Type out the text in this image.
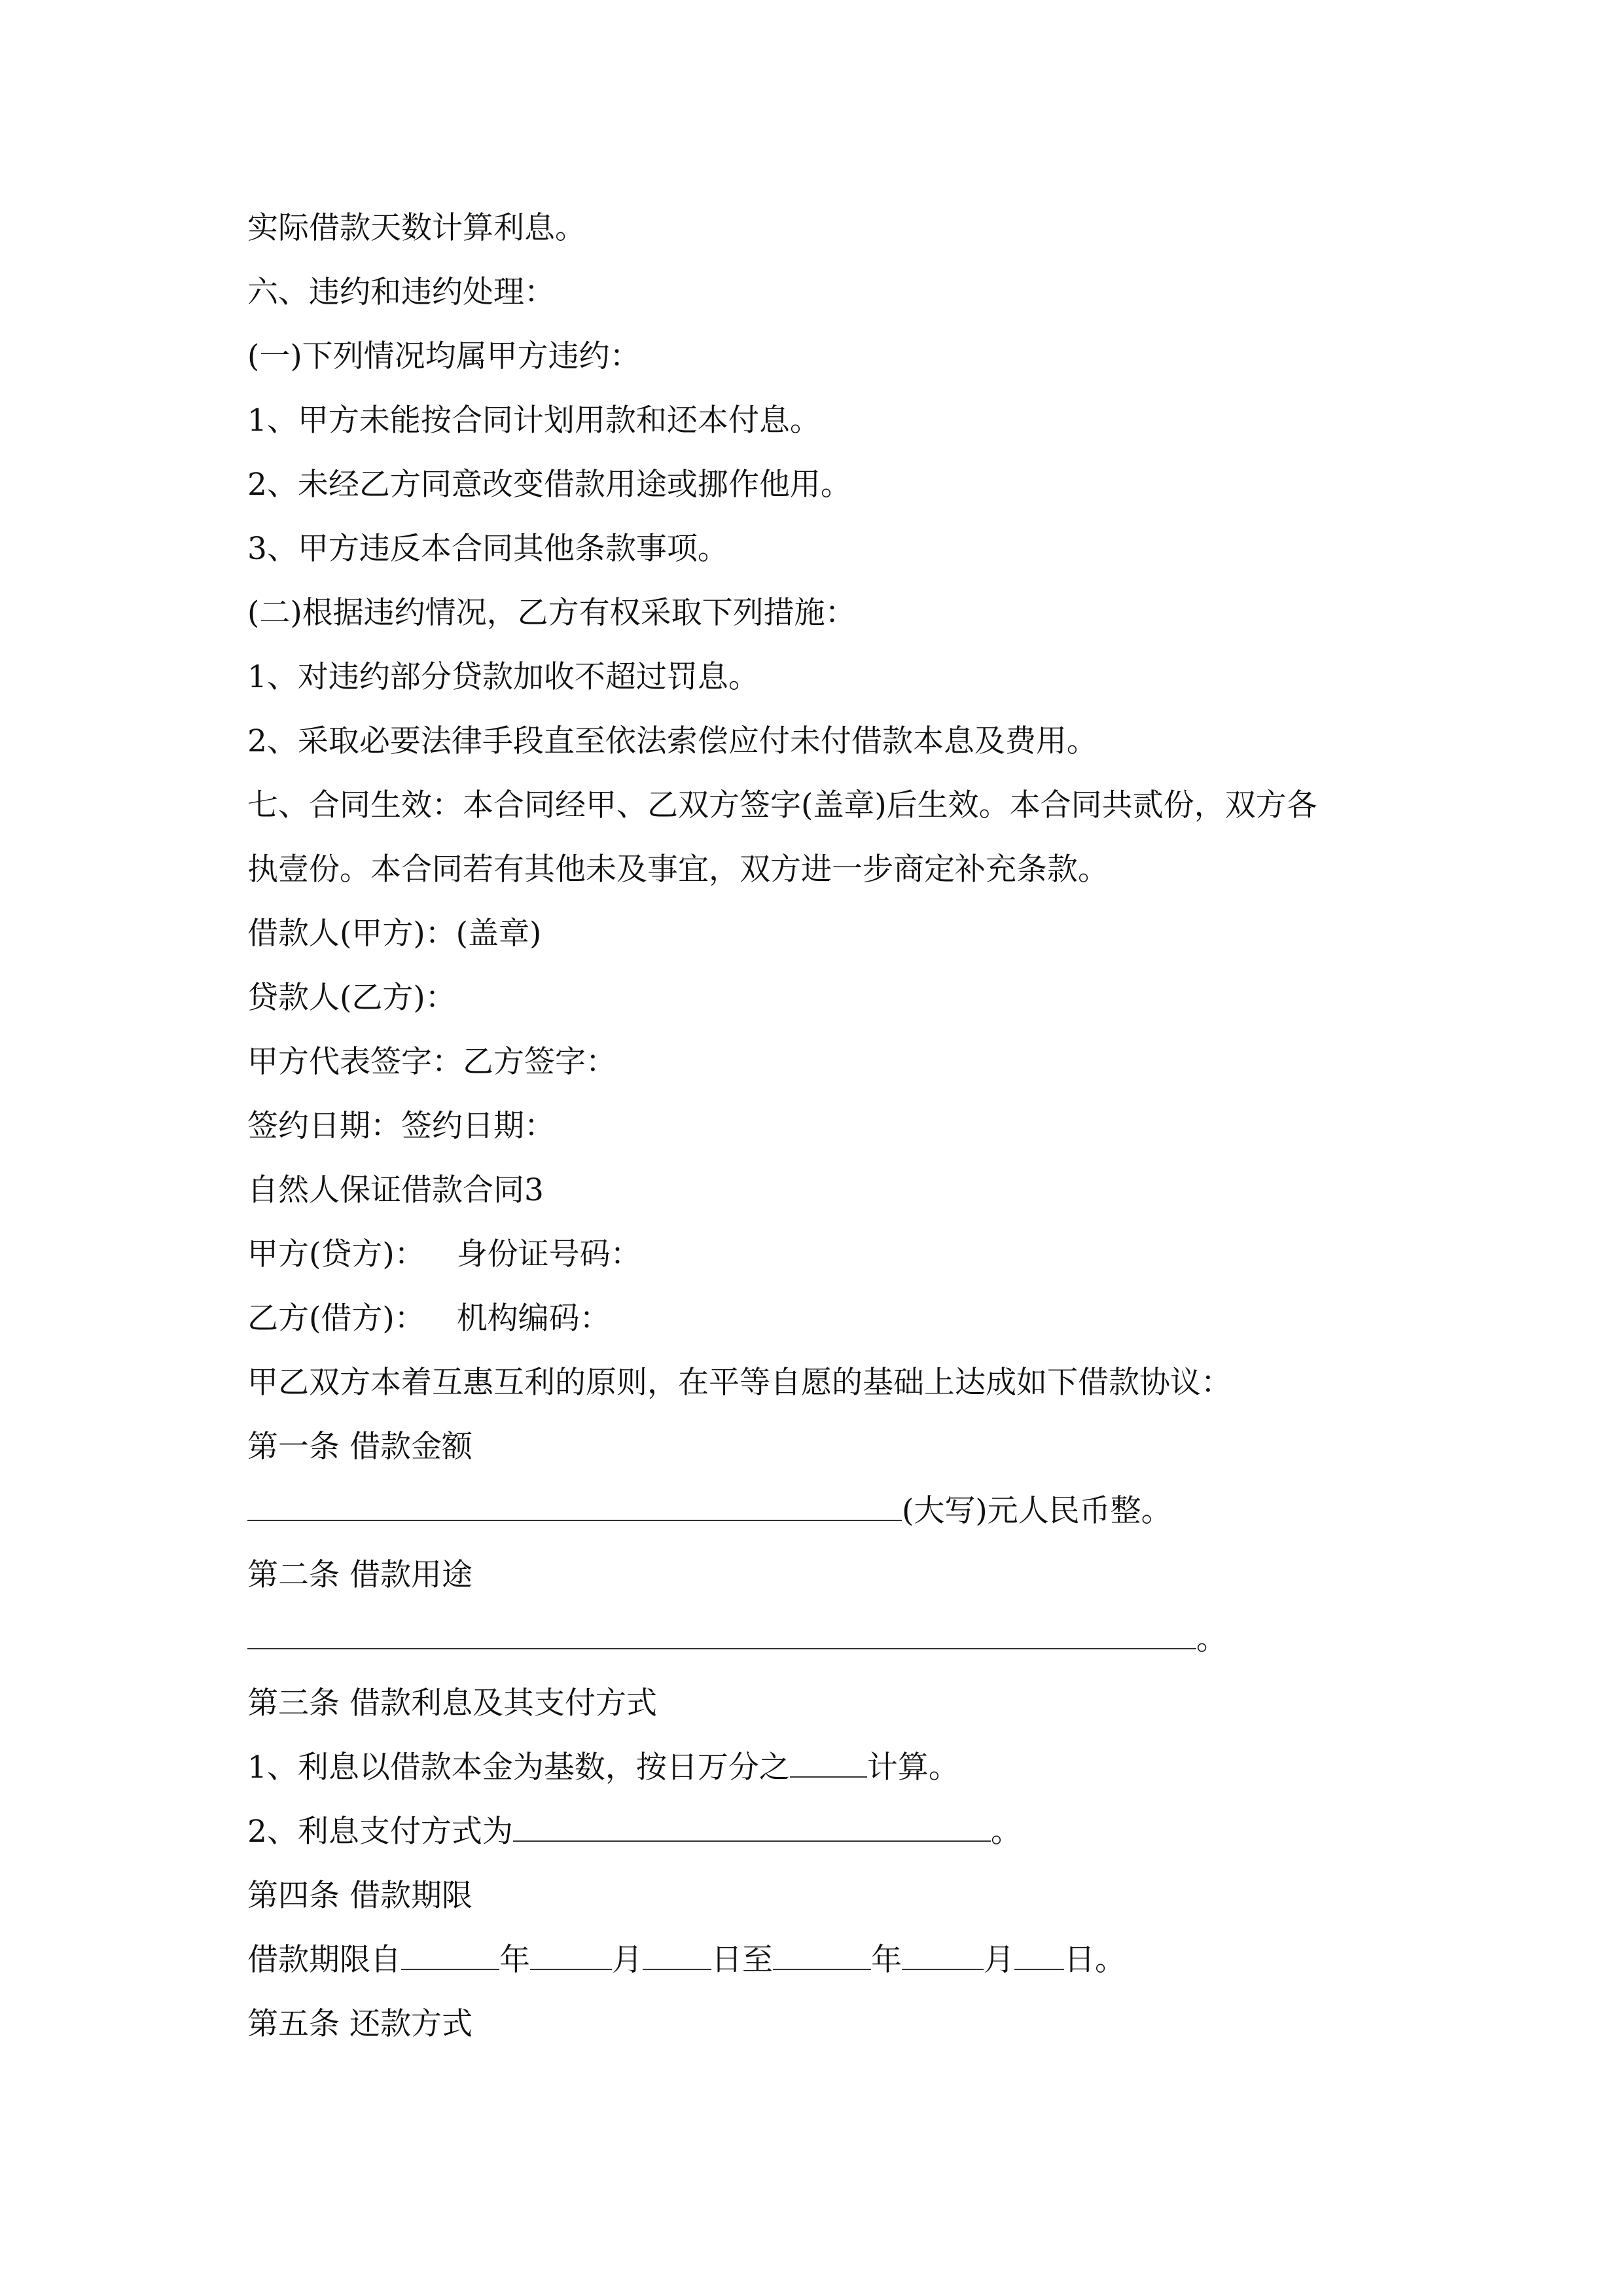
实际借款天数计算利息。
六、违约和违约处理：
(一)下列情况均属甲方违约：
1、甲方未能按合同计划用款和还本付息。
2、未经乙方同意改变借款用途或挪作他用。
3、甲方违反本合同其他条款事项。
(二)根据违约情况，乙方有权采取下列措施：
1、对违约部分贷款加收不超过罚息。
2、采取必要法律手段直至依法索偿应付未付借款本息及费用。
七、合同生效：本合同经甲、乙双方签字(盖章)后生效。本合同共贰份，双方各
执壹份。本合同若有其他未及事宜，双方进一步商定补充条款。
借款人(甲方)：(盖章)
贷款人(乙方)：
甲方代表签字：乙方签字：
签约日期：签约日期：
自然人保证借款合同3
甲方(贷方)： 身份证号码：
乙方(借方)： 机构编码：
甲乙双方本着互惠互利的原则，在平等自愿的基础上达成如下借款协议：
第一条 借款金额
(大写)元人民币整。
第二条 借款用途
。
第三条 借款利息及其支付方式
1、利息以借款本金为基数，按日万分之	计算。
2、利息支付方式为	。
第四条 借款期限
借款期限自	年	月 日至	年	月 日。
第五条 还款方式
